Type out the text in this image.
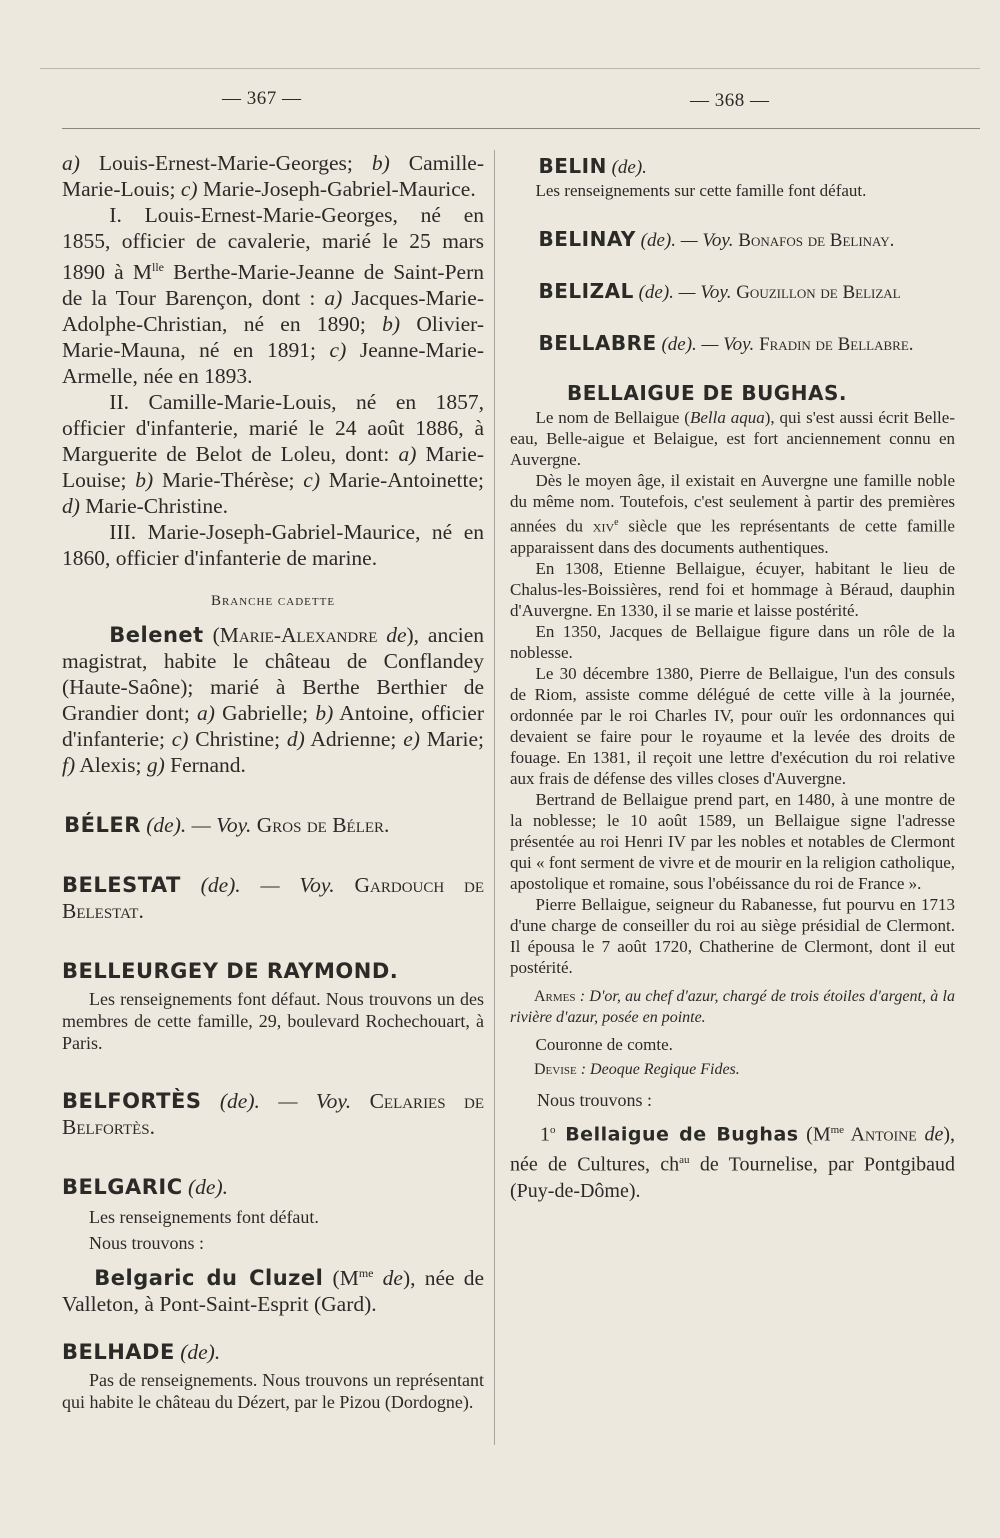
— 367 —	— 368 —

a) Louis-Ernest-Marie-Georges; b) Camille-Marie-Louis; c) Marie-Joseph-Gabriel-Maurice.

I. Louis-Ernest-Marie-Georges, né en 1855, officier de cavalerie, marié le 25 mars 1890 à $M^{lle}$ Berthe-Marie-Jeanne de Saint-Pern de la Tour Barençon, dont : a) Jacques-Marie-Adolphe-Christian, né en 1890; b) Olivier-Marie-Mauna, né en 1891; c) Jeanne-Marie-Armelle, née en 1893.

II. Camille-Marie-Louis, né en 1857, officier d'infanterie, marié le 24 août 1886, à Marguerite de Belot de Loleu, dont: a) Marie-Louise; b) Marie-Thérèse; c) Marie-Antoinette; d) Marie-Christine.

III. Marie-Joseph-Gabriel-Maurice, né en 1860, officier d'infanterie de marine.

Branche cadette

Belenet (Marie-Alexandre de), ancien magistrat, habite le château de Conflandey (Haute-Saône); marié à Berthe Berthier de Grandier dont; a) Gabrielle; b) Antoine, officier d'infanterie; c) Christine; d) Adrienne; e) Marie; f) Alexis; g) Fernand.

BÉLER (de). — Voy. Gros de Béler.

BELESTAT (de). — Voy. Gardouch de Belestat.

BELLEURGEY DE RAYMOND.

Les renseignements font défaut. Nous trouvons un des membres de cette famille, 29, boulevard Rochechouart, à Paris.

BELFORTÈS (de). — Voy. Celaries de Belfortès.

BELGARIC (de).

Les renseignements font défaut.

Nous trouvons :

Belgaric du Cluzel ($M^{me}$ de), née de Valleton, à Pont-Saint-Esprit (Gard).

BELHADE (de).

Pas de renseignements. Nous trouvons un représentant qui habite le château du Dézert, par le Pizou (Dordogne).

BELIN (de).

Les renseignements sur cette famille font défaut.

BELINAY (de). — Voy. Bonafos de Belinay.

BELIZAL (de). — Voy. Gouzillon de Belizal

BELLABRE (de). — Voy. Fradin de Bellabre.

BELLAIGUE DE BUGHAS.

Le nom de Bellaigue (Bella aqua), qui s'est aussi écrit Belle-eau, Belle-aigue et Belaigue, est fort anciennement connu en Auvergne.

Dès le moyen âge, il existait en Auvergne une famille noble du même nom. Toutefois, c'est seulement à partir des premières années du xiv$^e$ siècle que les représentants de cette famille apparaissent dans des documents authentiques.

En 1308, Etienne Bellaigue, écuyer, habitant le lieu de Chalus-les-Boissières, rend foi et hommage à Béraud, dauphin d'Auvergne. En 1330, il se marie et laisse postérité.

En 1350, Jacques de Bellaigue figure dans un rôle de la noblesse.

Le 30 décembre 1380, Pierre de Bellaigue, l'un des consuls de Riom, assiste comme délégué de cette ville à la journée, ordonnée par le roi Charles IV, pour ouïr les ordonnances qui devaient se faire pour le royaume et la levée des droits de fouage. En 1381, il reçoit une lettre d'exécution du roi relative aux frais de défense des villes closes d'Auvergne.

Bertrand de Bellaigue prend part, en 1480, à une montre de la noblesse; le 10 août 1589, un Bellaigue signe l'adresse présentée au roi Henri IV par les nobles et notables de Clermont qui « font serment de vivre et de mourir en la religion catholique, apostolique et romaine, sous l'obéissance du roi de France ».

Pierre Bellaigue, seigneur du Rabanesse, fut pourvu en 1713 d'une charge de conseiller du roi au siège présidial de Clermont. Il épousa le 7 août 1720, Chatherine de Clermont, dont il eut postérité.

Armes : D'or, au chef d'azur, chargé de trois étoiles d'argent, à la rivière d'azur, posée en pointe.

Couronne de comte.

Devise : Deoque Regique Fides.

Nous trouvons :

1$^o$ Bellaigue de Bughas ($M^{me}$ Antoine de), née de Cultures, $ch^{au}$ de Tournelise, par Pontgibaud (Puy-de-Dôme).
